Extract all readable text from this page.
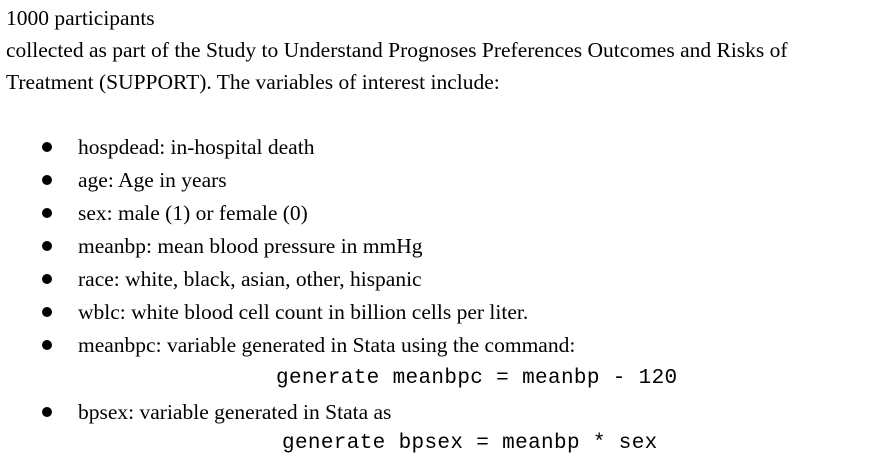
1000 participants
collected as part of the Study to Understand Prognoses Preferences Outcomes and Risks of
Treatment (SUPPORT). The variables of interest include:
hospdead: in-hospital death
age: Age in years
sex: male (1) or female (0)
meanbp: mean blood pressure in mmHg
race: white, black, asian, other, hispanic
wblc: white blood cell count in billion cells per liter.
meanbpc: variable generated in Stata using the command:
bpsex: variable generated in Stata as
generate meanbpc = meanbp - 120
generate bpsex = meanbp * sex
